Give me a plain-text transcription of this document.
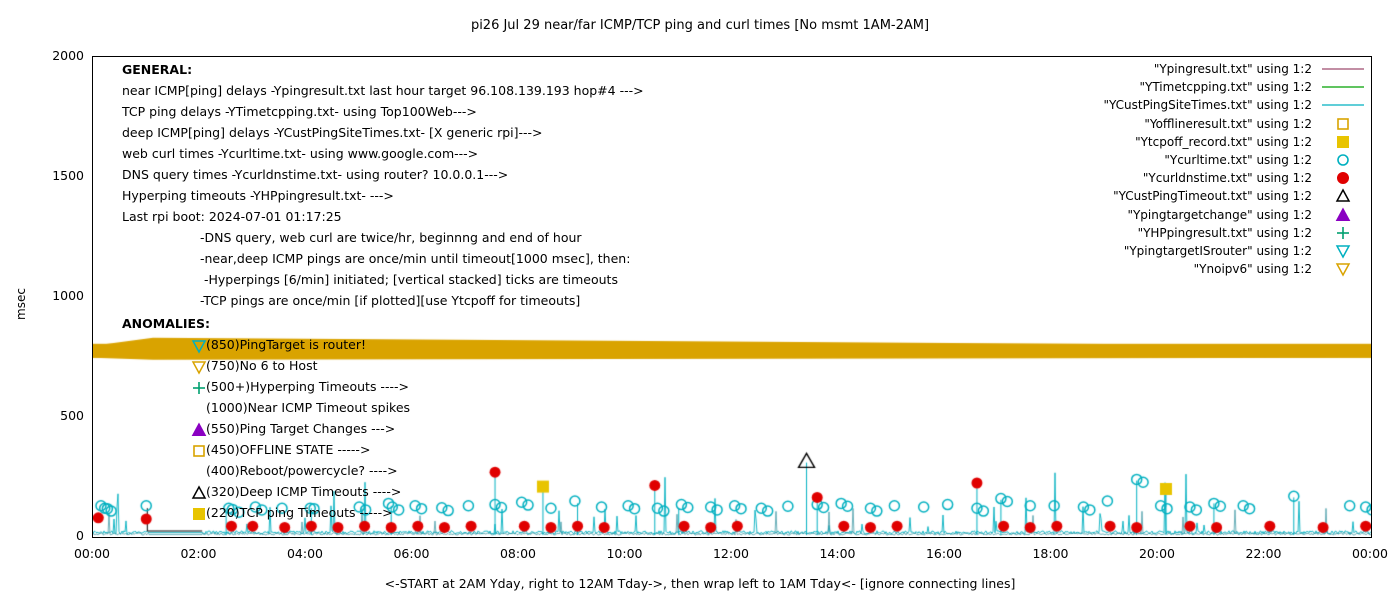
pi26 Jul 29 near/far ICMP/TCP ping and curl times [No msmt 1AM-2AM]
msec
0
500
1000
1500
2000
00:00	02:00	04:00	06:00	08:00	10:00	12:00	14:00	16:00	18:00	20:00	22:00	00:00
<-START at 2AM Yday, right to 12AM Tday->, then wrap left to 1AM Tday<- [ignore connecting lines]
GENERAL:
near ICMP[ping] delays -Ypingresult.txt last hour target 96.108.139.193 hop#4 --->
TCP ping delays -YTimetcpping.txt- using Top100Web--->
deep ICMP[ping] delays -YCustPingSiteTimes.txt- [X generic rpi]--->
web curl times -Ycurltime.txt- using www.google.com--->
DNS query times -Ycurldnstime.txt- using router? 10.0.0.1--->
Hyperping timeouts -YHPpingresult.txt- --->
Last rpi boot: 2024-07-01 01:17:25
-DNS query, web curl are twice/hr, beginnng and end of hour
-near,deep ICMP pings are once/min until timeout[1000 msec], then:
-Hyperpings [6/min] initiated; [vertical stacked] ticks are timeouts
-TCP pings are once/min [if plotted][use Ytcpoff for timeouts]
ANOMALIES:
(850)PingTarget is router!
(750)No 6 to Host
(500+)Hyperping Timeouts ---->
(1000)Near ICMP Timeout spikes
(550)Ping Target Changes --->
(450)OFFLINE STATE ----->
(400)Reboot/powercycle? ---->
(320)Deep ICMP Timeouts ---->
(220)TCP ping Timeouts ----->
"Ypingresult.txt" using 1:2
"YTimetcpping.txt" using 1:2
"YCustPingSiteTimes.txt" using 1:2
"Yofflineresult.txt" using 1:2
"Ytcpoff_record.txt" using 1:2
"Ycurltime.txt" using 1:2
"Ycurldnstime.txt" using 1:2
"YCustPingTimeout.txt" using 1:2
"Ypingtargetchange" using 1:2
"YHPpingresult.txt" using 1:2
"YpingtargetISrouter" using 1:2
"Ynoipv6" using 1:2
